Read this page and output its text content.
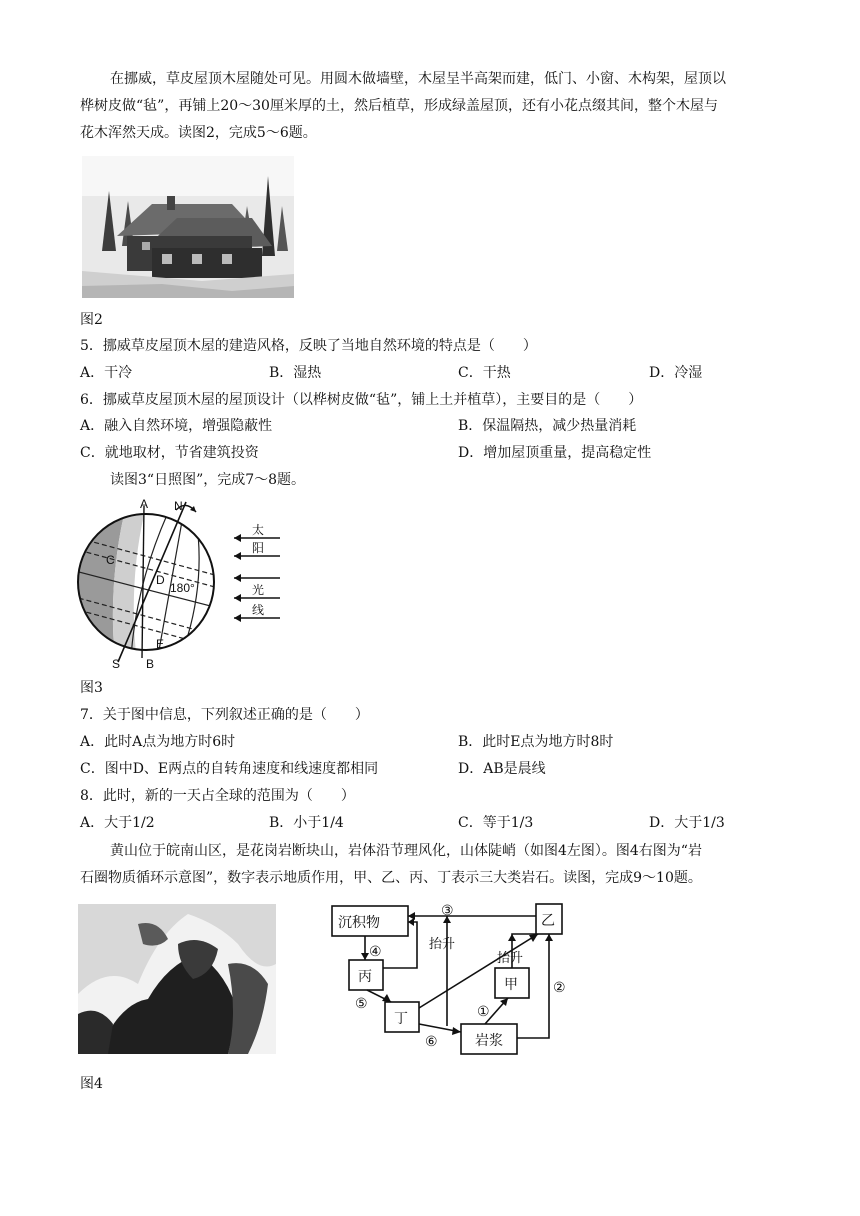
在挪威，草皮屋顶木屋随处可见。用圆木做墙壁，木屋呈半高架而建，低门、小窗、木构架，屋顶以
桦树皮做“毡”，再铺上20～30厘米厚的土，然后植草，形成绿盖屋顶，还有小花点缀其间，整个木屋与
花木浑然天成。读图2，完成5～6题。
图2
5．挪威草皮屋顶木屋的建造风格，反映了当地自然环境的特点是（　　）
A．干冷	B．湿热	C．干热	D．冷湿
6．挪威草皮屋顶木屋的屋顶设计（以桦树皮做“毡”，铺上土并植草），主要目的是（　　）
A．融入自然环境，增强隐蔽性	B．保温隔热，减少热量消耗
C．就地取材，节省建筑投资	D．增加屋顶重量，提高稳定性
读图3“日照图”，完成7～8题。
A N
C
D
180°
E
S B
太
阳
光
线
图3
7．关于图中信息，下列叙述正确的是（　　）
A．此时A点为地方时6时	B．此时E点为地方时8时
C．图中D、E两点的自转角速度和线速度都相同	D．AB是晨线
8．此时，新的一天占全球的范围为（　　）
A．大于1/2	B．小于1/4	C．等于1/3	D．大于1/3
黄山位于皖南山区，是花岗岩断块山，岩体沿节理风化，山体陡峭（如图4左图）。图4右图为“岩
石圈物质循环示意图”，数字表示地质作用，甲、乙、丙、丁表示三大类岩石。读图，完成9～10题。
沉积物	乙
丙	甲
丁
岩浆
③
④
⑤	①
②
⑥
抬升
抬升
图4
